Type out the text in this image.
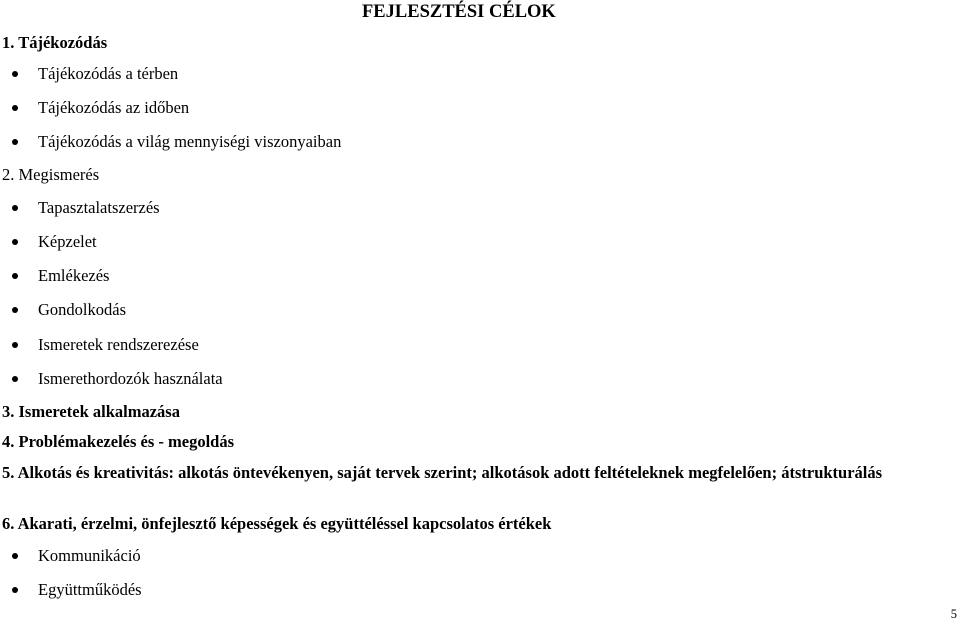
FEJLESZTÉSI CÉLOK
1. Tájékozódás
Tájékozódás a térben
Tájékozódás az időben
Tájékozódás a világ mennyiségi viszonyaiban
2. Megismerés
Tapasztalatszerzés
Képzelet
Emlékezés
Gondolkodás
Ismeretek rendszerezése
Ismerethordozók használata
3. Ismeretek alkalmazása
4. Problémakezelés és - megoldás
5. Alkotás és kreativitás: alkotás öntevékenyen, saját tervek szerint; alkotások adott feltételeknek megfelelően; átstrukturálás
6. Akarati, érzelmi, önfejlesztő képességek és együttéléssel kapcsolatos értékek
Kommunikáció
Együttműködés
5
